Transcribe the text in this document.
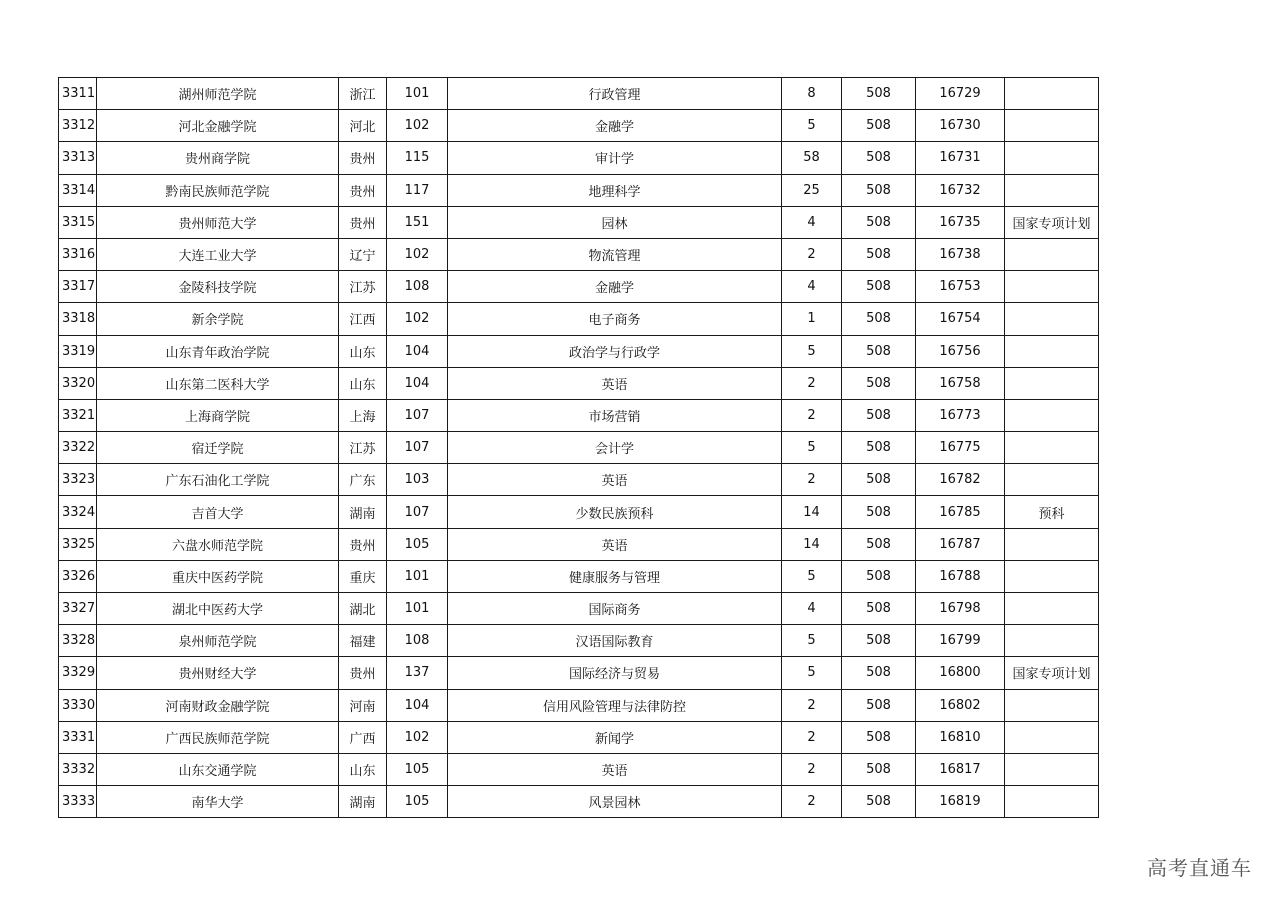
3311	湖州师范学院	浙江	101	行政管理	8	508	16729	
3312	河北金融学院	河北	102	金融学	5	508	16730	
3313	贵州商学院	贵州	115	审计学	58	508	16731	
3314	黔南民族师范学院	贵州	117	地理科学	25	508	16732	
3315	贵州师范大学	贵州	151	园林	4	508	16735	国家专项计划
3316	大连工业大学	辽宁	102	物流管理	2	508	16738	
3317	金陵科技学院	江苏	108	金融学	4	508	16753	
3318	新余学院	江西	102	电子商务	1	508	16754	
3319	山东青年政治学院	山东	104	政治学与行政学	5	508	16756	
3320	山东第二医科大学	山东	104	英语	2	508	16758	
3321	上海商学院	上海	107	市场营销	2	508	16773	
3322	宿迁学院	江苏	107	会计学	5	508	16775	
3323	广东石油化工学院	广东	103	英语	2	508	16782	
3324	吉首大学	湖南	107	少数民族预科	14	508	16785	预科
3325	六盘水师范学院	贵州	105	英语	14	508	16787	
3326	重庆中医药学院	重庆	101	健康服务与管理	5	508	16788	
3327	湖北中医药大学	湖北	101	国际商务	4	508	16798	
3328	泉州师范学院	福建	108	汉语国际教育	5	508	16799	
3329	贵州财经大学	贵州	137	国际经济与贸易	5	508	16800	国家专项计划
3330	河南财政金融学院	河南	104	信用风险管理与法律防控	2	508	16802	
3331	广西民族师范学院	广西	102	新闻学	2	508	16810	
3332	山东交通学院	山东	105	英语	2	508	16817	
3333	南华大学	湖南	105	风景园林	2	508	16819	
高考直通车
